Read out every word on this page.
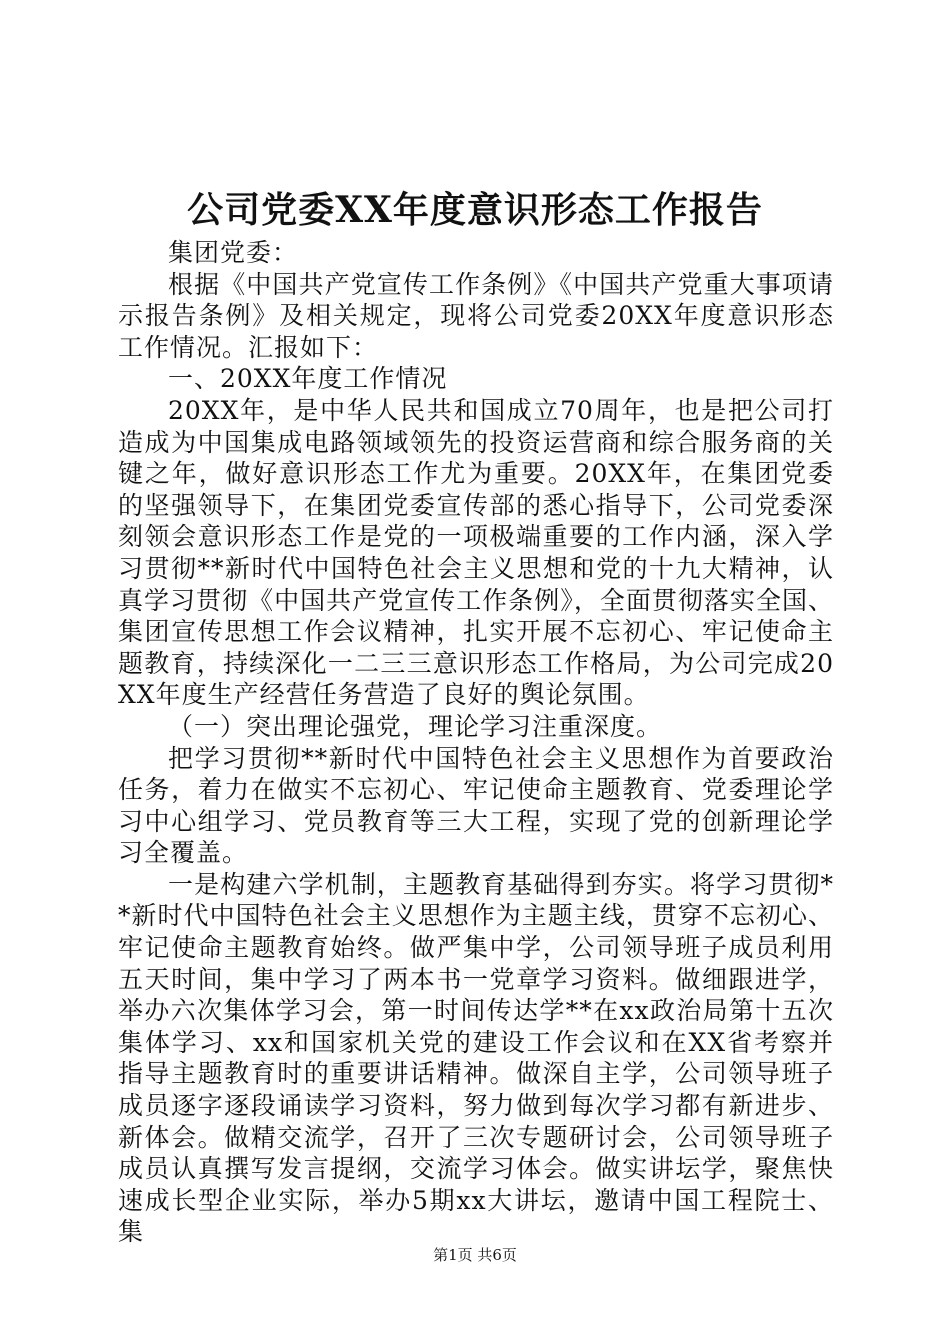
公司党委XX年度意识形态工作报告

集团党委：

根据《中国共产党宣传工作条例》《中国共产党重大事项请示报告条例》及相关规定，现将公司党委20XX年度意识形态工作情况。汇报如下：

一、20XX年度工作情况

20XX年，是中华人民共和国成立70周年，也是把公司打造成为中国集成电路领域领先的投资运营商和综合服务商的关键之年，做好意识形态工作尤为重要。20XX年，在集团党委的坚强领导下，在集团党委宣传部的悉心指导下，公司党委深刻领会意识形态工作是党的一项极端重要的工作内涵，深入学习贯彻**新时代中国特色社会主义思想和党的十九大精神，认真学习贯彻《中国共产党宣传工作条例》，全面贯彻落实全国、集团宣传思想工作会议精神，扎实开展不忘初心、牢记使命主题教育，持续深化一二三三意识形态工作格局，为公司完成20XX年度生产经营任务营造了良好的舆论氛围。

（一）突出理论强党，理论学习注重深度。

把学习贯彻**新时代中国特色社会主义思想作为首要政治任务，着力在做实不忘初心、牢记使命主题教育、党委理论学习中心组学习、党员教育等三大工程，实现了党的创新理论学习全覆盖。

一是构建六学机制，主题教育基础得到夯实。将学习贯彻**新时代中国特色社会主义思想作为主题主线，贯穿不忘初心、牢记使命主题教育始终。做严集中学，公司领导班子成员利用五天时间，集中学习了两本书一党章学习资料。做细跟进学，举办六次集体学习会，第一时间传达学**在xx政治局第十五次集体学习、xx和国家机关党的建设工作会议和在XX省考察并指导主题教育时的重要讲话精神。做深自主学，公司领导班子成员逐字逐段诵读学习资料，努力做到每次学习都有新进步、新体会。做精交流学，召开了三次专题研讨会，公司领导班子成员认真撰写发言提纲，交流学习体会。做实讲坛学，聚焦快速成长型企业实际，举办5期xx大讲坛，邀请中国工程院士、集

第1页 共6页
